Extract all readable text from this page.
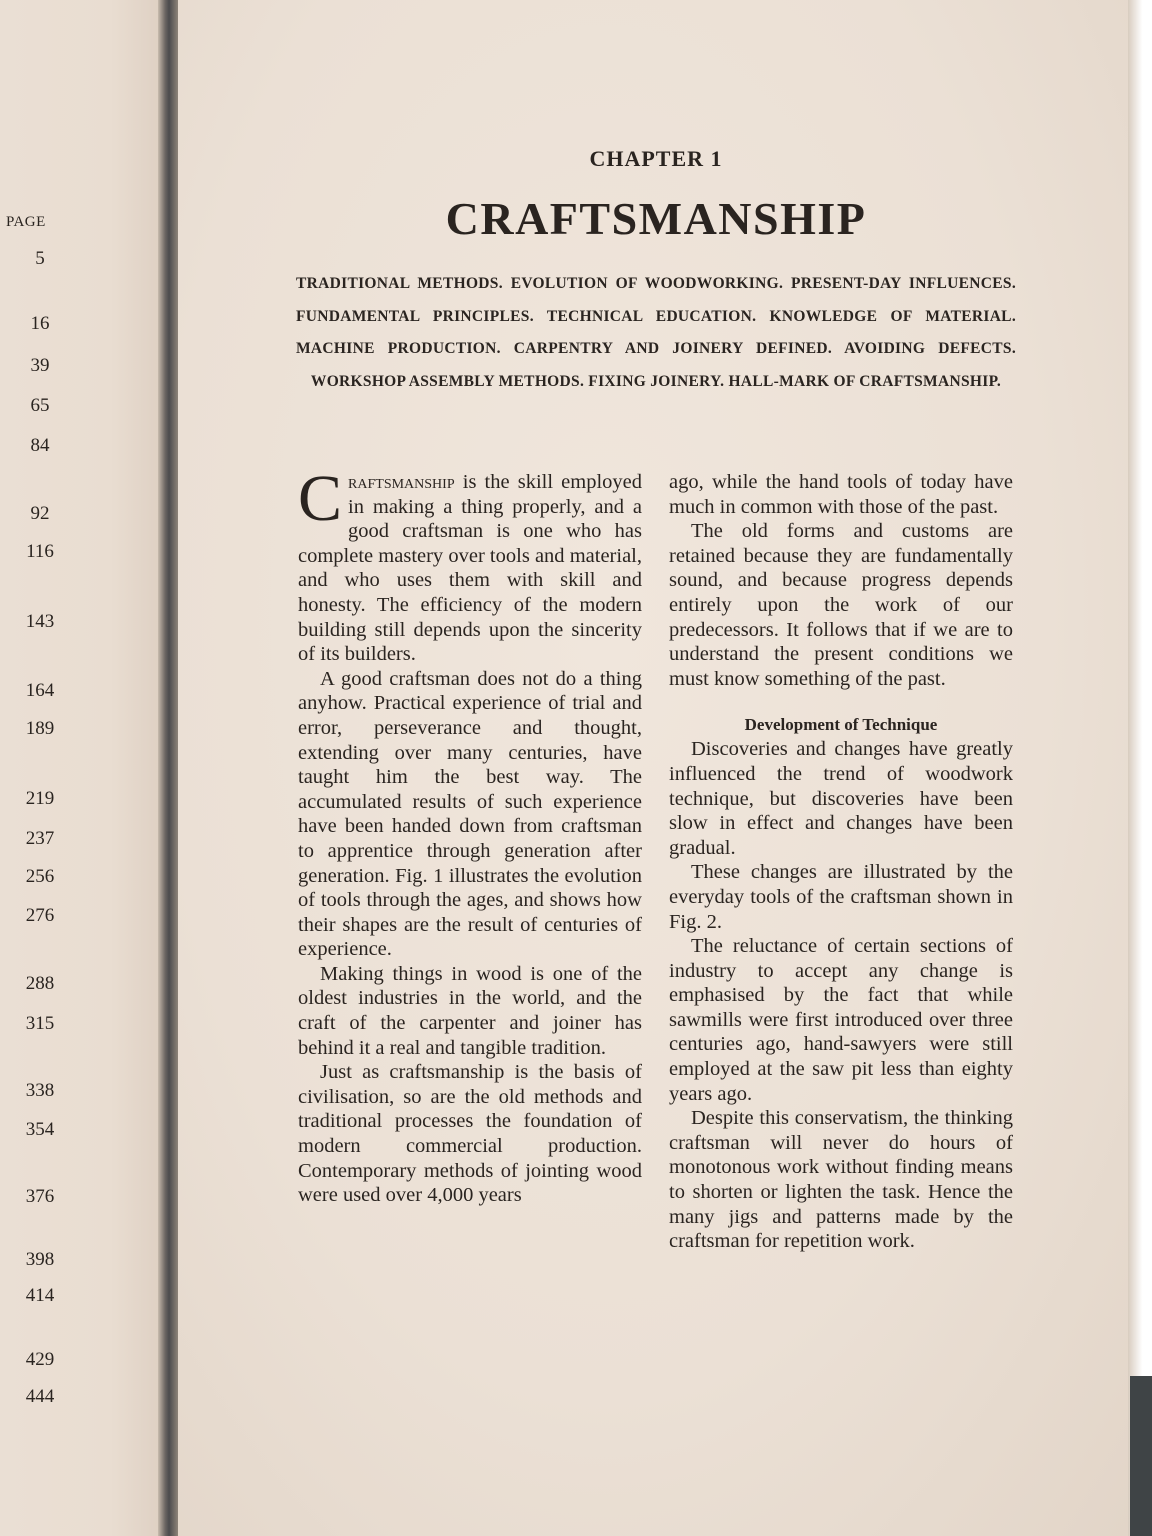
PAGE
5
16
39
65
84
92
116
143
164
189
219
237
256
276
288
315
338
354
376
398
414
429
444
CHAPTER 1
CRAFTSMANSHIP
TRADITIONAL METHODS. EVOLUTION OF WOODWORKING. PRESENT-DAY INFLUENCES. FUNDAMENTAL PRINCIPLES. TECHNICAL EDUCATION. KNOWLEDGE OF MATERIAL. MACHINE PRODUCTION. CARPENTRY AND JOINERY DEFINED. AVOIDING DEFECTS. WORKSHOP ASSEMBLY METHODS. FIXING JOINERY. HALL-MARK OF CRAFTSMANSHIP.

Craftsmanship is the skill employed in making a thing properly, and a good craftsman is one who has complete mastery over tools and material, and who uses them with skill and honesty. The efficiency of the modern building still depends upon the sincerity of its builders.

A good craftsman does not do a thing anyhow. Practical experience of trial and error, perseverance and thought, extending over many centuries, have taught him the best way. The accumulated results of such experience have been handed down from craftsman to apprentice through generation after generation. Fig. 1 illustrates the evolution of tools through the ages, and shows how their shapes are the result of centuries of experience.

Making things in wood is one of the oldest industries in the world, and the craft of the carpenter and joiner has behind it a real and tangible tradition.

Just as craftsmanship is the basis of civilisation, so are the old methods and traditional processes the foundation of modern commercial production. Contemporary methods of jointing wood were used over 4,000 years

ago, while the hand tools of today have much in common with those of the past.

The old forms and customs are retained because they are fundamentally sound, and because progress depends entirely upon the work of our predecessors. It follows that if we are to understand the present conditions we must know something of the past.

Development of Technique

Discoveries and changes have greatly influenced the trend of woodwork technique, but discoveries have been slow in effect and changes have been gradual.

These changes are illustrated by the everyday tools of the craftsman shown in Fig. 2.

The reluctance of certain sections of industry to accept any change is emphasised by the fact that while sawmills were first introduced over three centuries ago, hand-sawyers were still employed at the saw pit less than eighty years ago.

Despite this conservatism, the thinking craftsman will never do hours of monotonous work without finding means to shorten or lighten the task. Hence the many jigs and patterns made by the craftsman for repetition work.
